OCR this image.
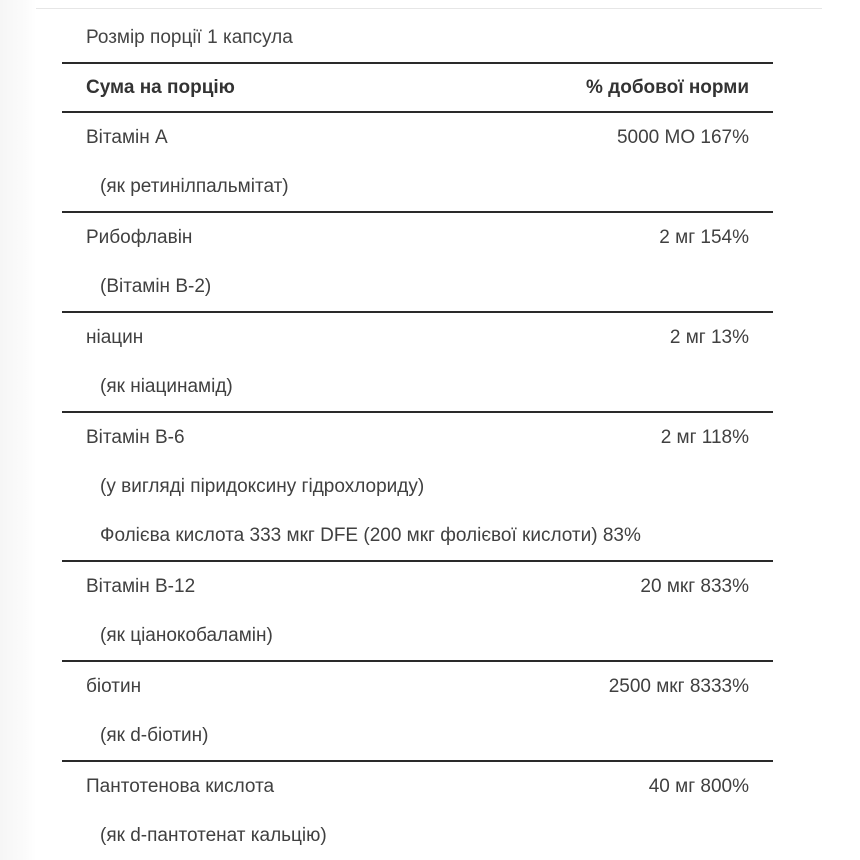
Розмір порції 1 капсула
Сума на порцію	% добової норми
Вітамін А	5000 МО 167%
(як ретинілпальмітат)
Рибофлавін	2 мг 154%
(Вітамін В-2)
ніацин	2 мг 13%
(як ніацинамід)
Вітамін В-6	2 мг 118%
(у вигляді піридоксину гідрохлориду)
Фолієва кислота 333 мкг DFE (200 мкг фолієвої кислоти) 83%
Вітамін В-12	20 мкг 833%
(як ціанокобаламін)
біотин	2500 мкг 8333%
(як d-біотин)
Пантотенова кислота	40 мг 800%
(як d-пантотенат кальцію)
